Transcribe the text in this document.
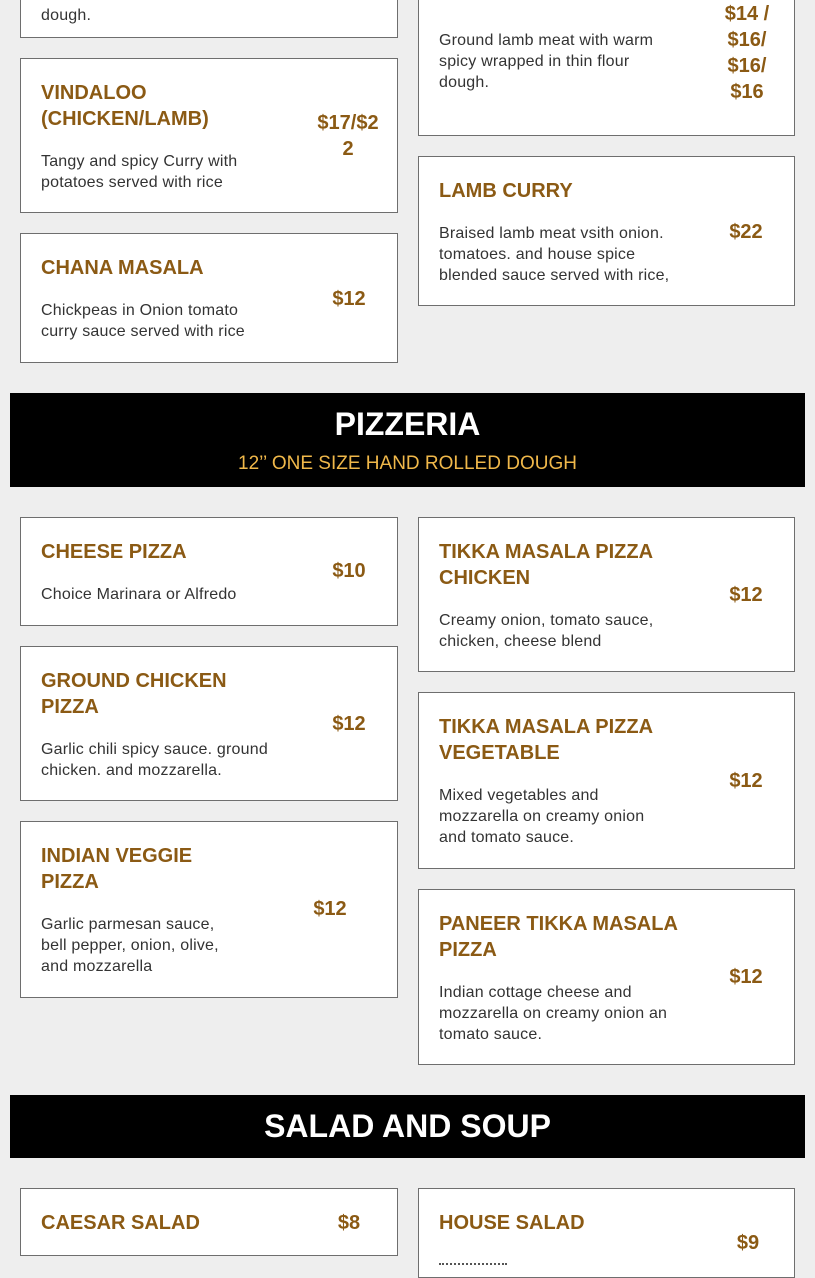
dough.
VINDALOO (CHICKEN/LAMB)
Tangy and spicy Curry with potatoes served with rice
$17/$22
CHANA MASALA
Chickpeas in Onion tomato curry sauce served with rice
$12
Ground lamb meat with warm spicy wrapped in thin flour dough.
$14 / $16/$16/$16
LAMB CURRY
Braised lamb meat vsith onion. tomatoes. and house spice blended sauce served with rice,
$22
PIZZERIA
12’’ ONE SIZE HAND ROLLED DOUGH
CHEESE PIZZA
Choice Marinara or Alfredo
$10
GROUND CHICKEN PIZZA
Garlic chili spicy sauce. ground chicken. and mozzarella.
$12
INDIAN VEGGIE PIZZA
Garlic parmesan sauce, bell pepper, onion, olive, and mozzarella
$12
TIKKA MASALA PIZZA CHICKEN
Creamy onion, tomato sauce, chicken, cheese blend
$12
TIKKA MASALA PIZZA VEGETABLE
Mixed vegetables and mozzarella on creamy onion and tomato sauce.
$12
PANEER TIKKA MASALA PIZZA
Indian cottage cheese and mozzarella on creamy onion an tomato sauce.
$12
SALAD AND SOUP
CAESAR SALAD	$8	HOUSE SALAD
$9
